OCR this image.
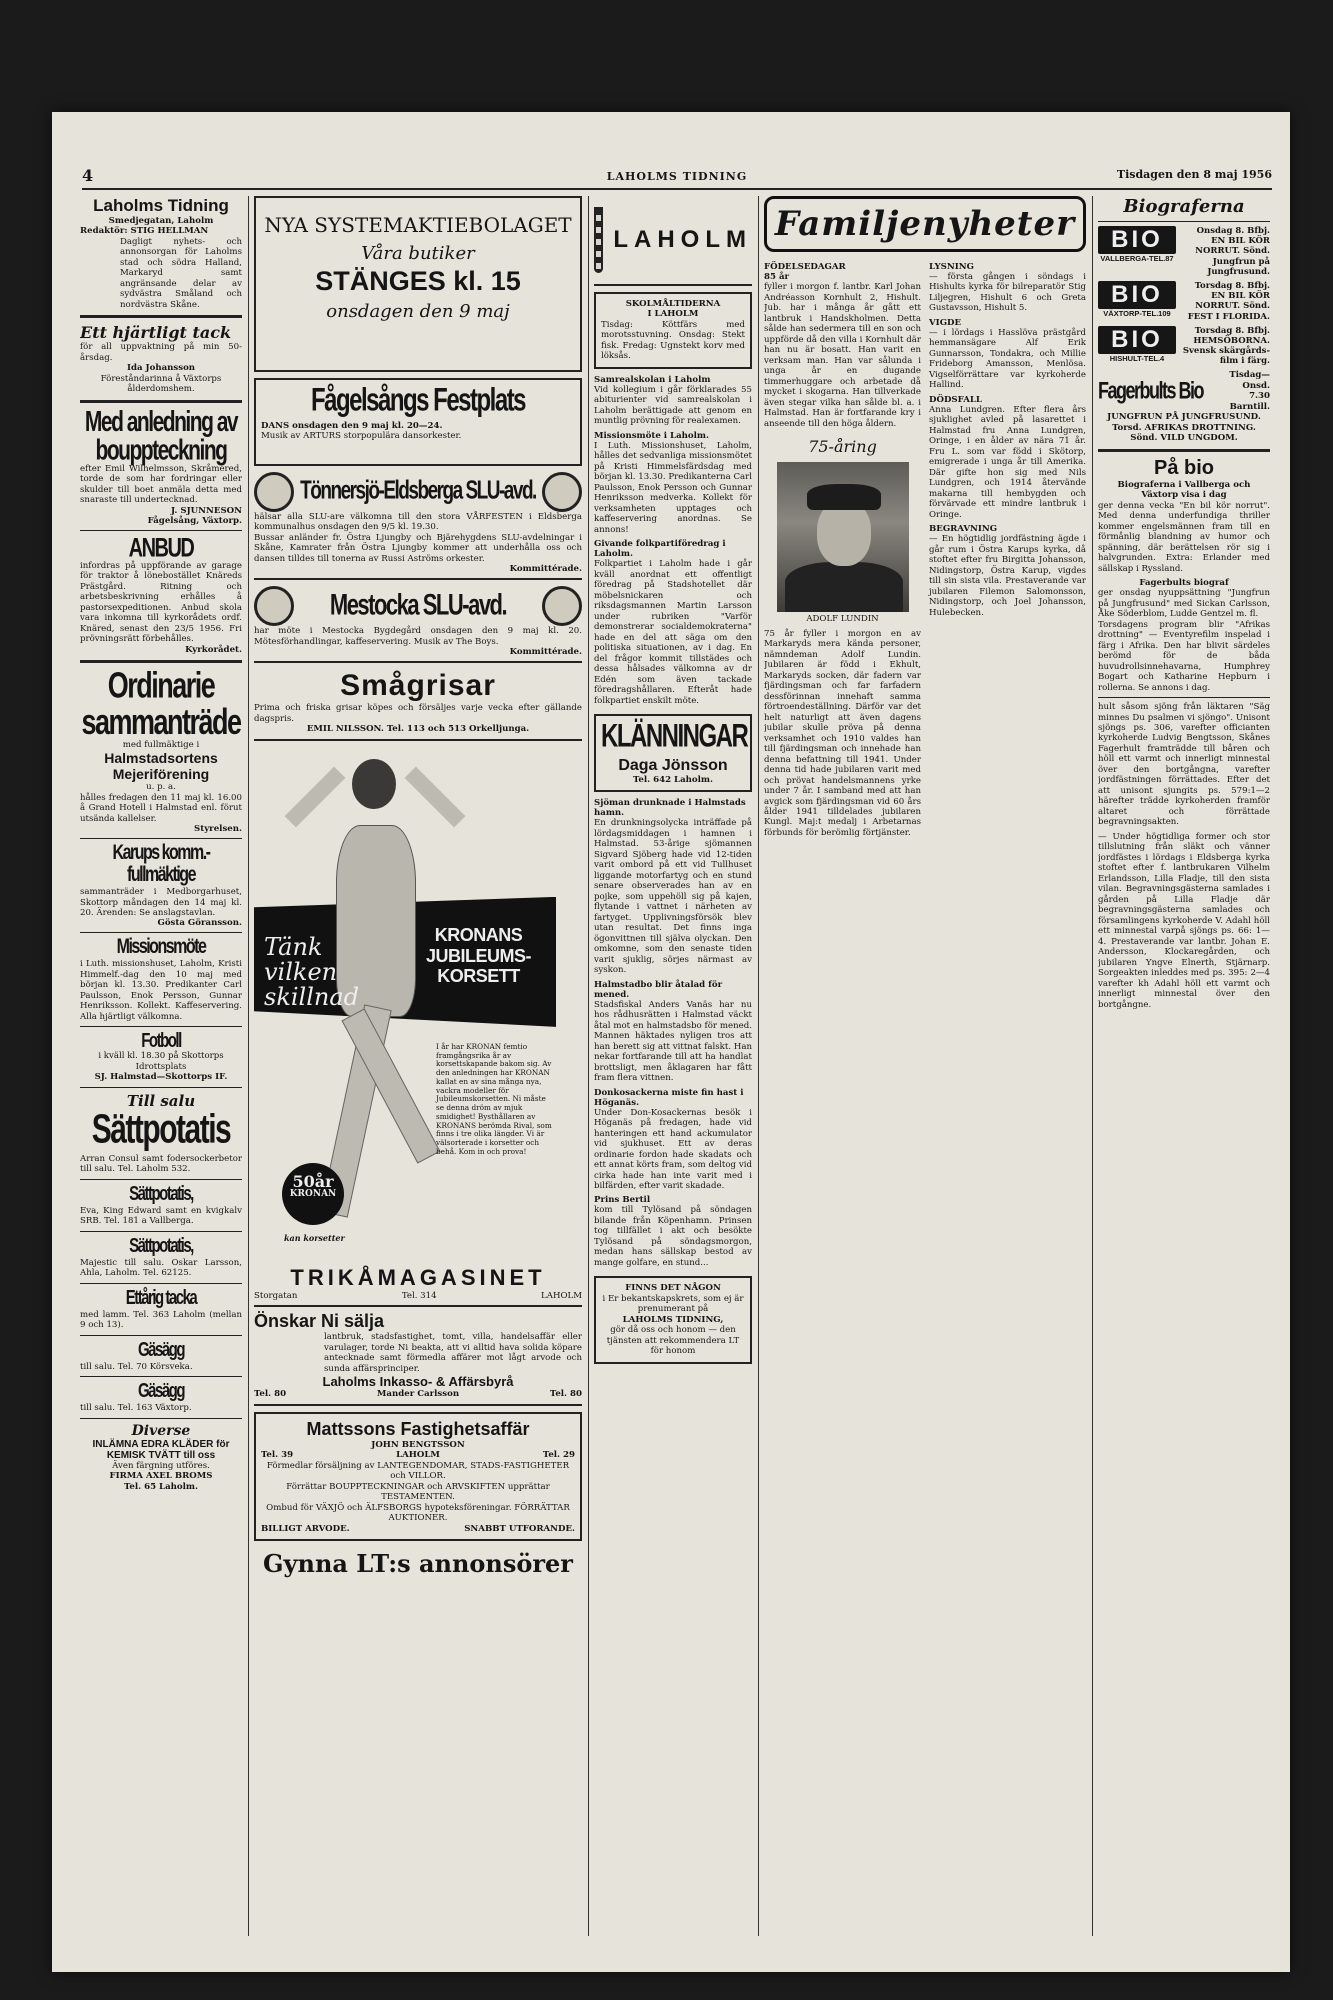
4	LAHOLMS TIDNING	Tisdagen den 8 maj 1956
Laholms Tidning
Smedjegatan, Laholm
Redaktör: STIG HELLMAN
Dagligt nyhets- och annonsorgan för Laholms stad och södra Halland, Markaryd samt angränsande delar av sydvästra Småland och nordvästra Skåne.
Ett hjärtligt tack
för all uppvaktning på min 50-årsdag.
Ida Johansson
Föreståndarinna å Växtorps ålderdomshem.
Med anledning av bouppteckning
efter Emil Wilhelmsson, Skråmered, torde de som har fordringar eller skulder till boet anmäla detta med snaraste till undertecknad.
J. SJUNNESON
Fågelsång, Växtorp.
ANBUD
infordras på uppförande av garage för traktor å lönebostället Knäreds Prästgård. Ritning och arbetsbeskrivning erhålles å pastorsexpeditionen. Anbud skola vara inkomna till kyrkorådets ordf. Knäred, senast den 23/5 1956. Fri prövningsrätt förbehålles.
Kyrkorådet.
Ordinarie sammanträde
med fullmäktige i
Halmstadsortens Mejeriförening
u. p. a.
hålles fredagen den 11 maj kl. 16.00 å Grand Hotell i Halmstad enl. förut utsända kallelser.
Styrelsen.
Karups komm.-fullmäktige
sammanträder i Medborgarhuset, Skottorp måndagen den 14 maj kl. 20. Ärenden: Se anslagstavlan.
Gösta Göransson.
Missionsmöte
i Luth. missionshuset, Laholm, Kristi Himmelf.-dag den 10 maj med början kl. 13.30. Predikanter Carl Paulsson, Enok Persson, Gunnar Henriksson. Kollekt. Kaffeservering. Alla hjärtligt välkomna.
Fotboll
i kväll kl. 18.30 på Skottorps Idrottsplats
SJ. Halmstad—Skottorps IF.
Till salu
Sättpotatis
Arran Consul samt fodersockerbetor till salu. Tel. Laholm 532.
Sättpotatis,
Eva, King Edward samt en kvigkalv SRB. Tel. 181 a Vallberga.
Sättpotatis,
Majestic till salu. Oskar Larsson, Ahla, Laholm. Tel. 62125.
Ettårig tacka
med lamm. Tel. 363 Laholm (mellan 9 och 13).
Gäsägg
till salu. Tel. 70 Körsveka.
Gäsägg
till salu. Tel. 163 Växtorp.
Diverse
INLÄMNA EDRA KLÄDER för KEMISK TVÄTT till oss
Även färgning utföres.
FIRMA AXEL BROMS
Tel. 65 Laholm.
NYA SYSTEMAKTIEBOLAGET
Våra butiker
STÄNGES kl. 15
onsdagen den 9 maj
Fågelsångs Festplats
DANS onsdagen den 9 maj kl. 20—24.
Musik av ARTURS storpopulära dansorkester.
Tönnersjö-Eldsberga SLU-avd.
hälsar alla SLU-are välkomna till den stora VÅRFESTEN i Eldsberga kommunalhus onsdagen den 9/5 kl. 19.30.
Bussar anländer fr. Östra Ljungby och Bjärehygdens SLU-avdelningar i Skåne, Kamrater från Östra Ljungby kommer att underhålla oss och dansen tilldes till tonerna av Russi Aströms orkester.
Kommittérade.
Mestocka SLU-avd.
har möte i Mestocka Bygdegård onsdagen den 9 maj kl. 20. Mötesförhandlingar, kaffeservering. Musik av The Boys.
Kommittérade.
Smågrisar
Prima och friska grisar köpes och försäljes varje vecka efter gällande dagspris.
EMIL NILSSON. Tel. 113 och 513 Orkelljunga.
Tänk
vilken
skillnad
KRONANS
JUBILEUMS-
KORSETT
50år
KRONAN
I år har KRONAN femtio framgångsrika år av korsettskapande bakom sig. Av den anledningen har KRONAN kallat en av sina många nya, vackra modeller för Jubileumskorsetten. Ni måste se denna dröm av mjuk smidighet! Bysthållaren av KRONANS berömda Rival, som finns i tre olika längder. Vi är välsorterade i korsetter och behå. Kom in och prova!
kan korsetter
TRIKÅMAGASINET
Storgatan	Tel. 314	LAHOLM
Önskar Ni sälja
lantbruk, stadsfastighet, tomt, villa, handelsaffär eller varulager, torde Ni beakta, att vi alltid hava solida köpare antecknade samt förmedla affärer mot lågt arvode och sunda affärsprinciper.
Laholms Inkasso- & Affärsbyrå
Tel. 80	Mander Carlsson	Tel. 80
Mattssons Fastighetsaffär
JOHN BENGTSSON
Tel. 39	LAHOLM	Tel. 29
Förmedlar försäljning av LANTEGENDOMAR, STADS-FASTIGHETER och VILLOR.
Förrättar BOUPPTECKNINGAR och ARVSKIFTEN upprättar TESTAMENTEN.
Ombud för VÄXJÖ och ÄLFSBORGS hypoteksföreningar. FÖRRÄTTAR AUKTIONER.
BILLIGT ARVODE.	SNABBT UTFORANDE.
Gynna LT:s annonsörer
LAHOLM
SKOLMÅLTIDERNA
I LAHOLM
Tisdag: Köttfärs med morotsstuvning. Onsdag: Stekt fisk. Fredag: Ugnstekt korv med löksås.
Samrealskolan i Laholm
Vid kollegium i går förklarades 55 abiturienter vid samrealskolan i Laholm berättigade att genom en muntlig prövning för realexamen.
Missionsmöte i Laholm.
I Luth. Missionshuset, Laholm, hålles det sedvanliga missionsmötet på Kristi Himmelsfärdsdag med början kl. 13.30. Predikanterna Carl Paulsson, Enok Persson och Gunnar Henriksson medverka. Kollekt för verksamheten upptages och kaffeservering anordnas. Se annons!
Givande folkpartiföredrag i Laholm.
Folkpartiet i Laholm hade i går kväll anordnat ett offentligt föredrag på Stadshotellet där möbelsnickaren och riksdagsmannen Martin Larsson under rubriken "Varför demonstrerar socialdemokraterna" hade en del att säga om den politiska situationen, av i dag. En del frågor kommit tillstädes och dessa hålsades välkomna av dr Edén som även tackade föredragshållaren. Efteråt hade folkpartiet enskilt möte.
KLÄNNINGAR
Daga Jönsson
Tel. 642 Laholm.
Sjöman drunknade i Halmstads hamn.
En drunkningsolycka inträffade på lördagsmiddagen i hamnen i Halmstad. 53-årige sjömannen Sigvard Sjöberg hade vid 12-tiden varit ombord på ett vid Tullhuset liggande motorfartyg och en stund senare observerades han av en pojke, som uppehöll sig på kajen, flytande i vattnet i närheten av fartyget. Upplivningsförsök blev utan resultat. Det finns inga ögonvittnen till själva olyckan. Den omkomne, som den senaste tiden varit sjuklig, sörjes närmast av syskon.
Halmstadbo blir åtalad för mened.
Stadsfiskal Anders Vanäs har nu hos rådhusrätten i Halmstad väckt åtal mot en halmstadsbo för mened. Mannen häktades nyligen tros att han berett sig att vittnat falskt. Han nekar fortfarande till att ha handlat brottsligt, men åklagaren har fått fram flera vittnen.
Donkosackerna miste fin hast i Höganäs.
Under Don-Kosackernas besök i Höganäs på fredagen, hade vid hanteringen ett hand ackumulator vid sjukhuset. Ett av deras ordinarie fordon hade skadats och ett annat körts fram, som deltog vid cirka hade han inte varit med i bilfärden, efter varit skadade.
Prins Bertil
kom till Tylösand på söndagen bilande från Köpenhamn. Prinsen tog tillfället i akt och besökte Tylösand på söndagsmorgon, medan hans sällskap bestod av mange golfare, en stund...
FINNS DET NÅGON
i Er bekantskapskrets, som ej är prenumerant på
LAHOLMS TIDNING,
gör då oss och honom — den tjänsten att rekommendera LT för honom
Familjenyheter
FÖDELSEDAGAR
85 år
fyller i morgon f. lantbr. Karl Johan Andréasson Kornhult 2, Hishult. Jub. har i många år gått ett lantbruk i Handskholmen. Detta sålde han sedermera till en son och uppförde då den villa i Kornhult där han nu är bosatt. Han varit en verksam man. Han var sålunda i unga år en dugande timmerhuggare och arbetade då mycket i skogarna. Han tillverkade även stegar vilka han sålde bl. a. i Halmstad. Han är fortfarande kry i anseende till den höga åldern.
75-åring
ADOLF LUNDIN
75 år fyller i morgon en av Markaryds mera kända personer, nämndeman Adolf Lundin. Jubilaren är född i Ekhult, Markaryds socken, där fadern var fjärdingsman och far farfadern dessförinnan innehaft samma förtroendeställning. Därför var det helt naturligt att även dagens jubilar skulle pröva på denna verksamhet och 1910 valdes han till fjärdingsman och innehade han denna befattning till 1941. Under denna tid hade jubilaren varit med och prövat handelsmannens yrke under 7 år. I samband med att han avgick som fjärdingsman vid 60 års ålder 1941 tilldelades jubilaren Kungl. Maj:t medalj i Arbetarnas förbunds för berömlig förtjänster.
LYSNING
— första gången i söndags i Hishults kyrka för bilreparatör Stig Liljegren, Hishult 6 och Greta Gustavsson, Hishult 5.
VIGDE
— i lördags i Hasslöva prästgård hemmansägare Alf Erik Gunnarsson, Tondakra, och Millie Frideborg Amansson, Menlösa. Vigselförrättare var kyrkoherde Hallind.
DÖDSFALL
Anna Lundgren. Efter flera års sjuklighet avled på lasarettet i Halmstad fru Anna Lundgren, Oringe, i en ålder av nära 71 år. Fru L. som var född i Skötorp, emigrerade i unga år till Amerika. Där gifte hon sig med Nils Lundgren, och 1914 återvände makarna till hembygden och förvärvade ett mindre lantbruk i Oringe.
BEGRAVNING
— En högtidlig jordfästning ägde i går rum i Östra Karups kyrka, då stoftet efter fru Birgitta Johansson, Nidingstorp, Östra Karup, vigdes till sin sista vila. Prestaverande var jubilaren Filemon Salomonsson, Nidingstorp, och Joel Johansson, Hulebecken.
Biograferna
BIO
VALLBERGA-TEL.87
Onsdag 8. Bfbj. EN BIL KÖR NORRUT. Sönd. Jungfrun på Jungfrusund.
BIO
VÄXTORP-TEL.109
Torsdag 8. Bfbj. EN BIL KÖR NORRUT. Sönd. FEST I FLORIDA.
BIO
HISHULT-TEL.4
Torsdag 8. Bfbj. HEMSÖBORNA. Svensk skärgårds-film i färg.
Fagerbults Bio
Tisdag— Onsd. 7.30 Barntill.
JUNGFRUN PÅ JUNGFRUSUND. Torsd. AFRIKAS DROTTNING. Sönd. VILD UNGDOM.
På bio
Biograferna i Vallberga och Växtorp visa i dag
ger denna vecka "En bil kör norrut". Med denna underfundiga thriller kommer engelsmännen fram till en förmånlig blandning av humor och spänning, där berättelsen rör sig i halvgrunden. Extra: Erlander med sällskap i Ryssland.
Fagerbults biograf
ger onsdag nyuppsättning "Jungfrun på Jungfrusund" med Sickan Carlsson, Åke Söderblom, Ludde Gentzel m. fl.
Torsdagens program blir "Afrikas drottning" — Eventyrefilm inspelad i färg i Afrika. Den har blivit särdeles berömd för de båda huvudrollsinnehavarna, Humphrey Bogart och Katharine Hepburn i rollerna. Se annons i dag.
hult såsom sjöng från läktaren "Säg minnes Du psalmen vi sjöngo". Unisont sjöngs ps. 306, varefter officianten kyrkoherde Ludvig Bengtsson, Skånes Fagerhult framträdde till båren och höll ett varmt och innerligt minnestal över den bortgångna, varefter jordfästningen förrättades. Efter det att unisont sjungits ps. 579:1—2 härefter trädde kyrkoherden framför altaret och förrättade begravningsakten.
— Under högtidliga former och stor tillslutning från släkt och vänner jordfästes i lördags i Eldsberga kyrka stoftet efter f. lantbrukaren Vilhelm Erlandsson, Lilla Fladje, till den sista vilan. Begravningsgästerna samlades i gården på Lilla Fladje där begravningsgästerna samlades och församlingens kyrkoherde V. Adahl höll ett minnestal varpå sjöngs ps. 66: 1—4. Prestaverande var lantbr. Johan E. Andersson, Klockaregården, och jubilaren Yngve Elnerth, Stjärnarp. Sorgeakten inleddes med ps. 395: 2—4 varefter kh Adahl höll ett varmt och innerligt minnestal över den bortgångne.
